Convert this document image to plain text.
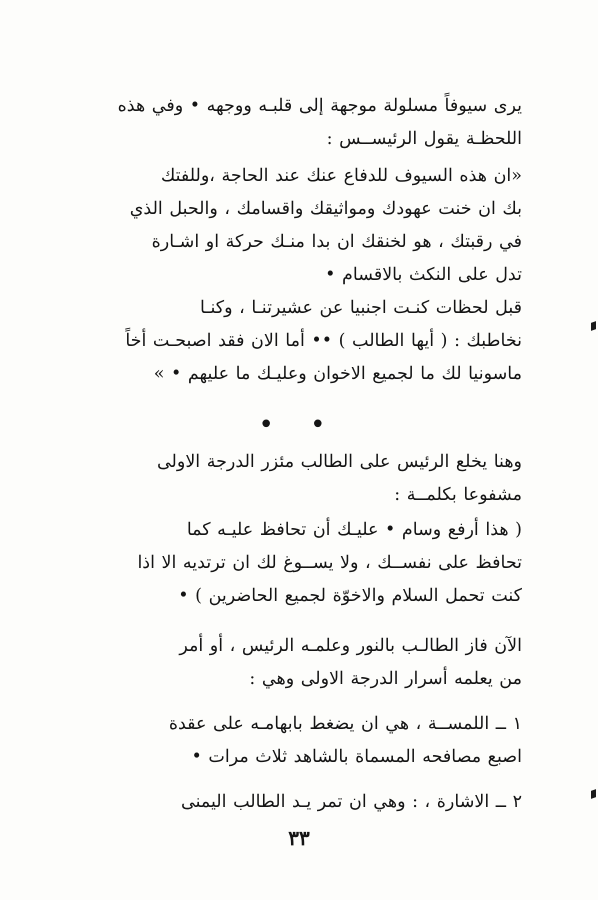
يرى سيوفاً مسلولة موجهة إلى قلبـه ووجهه • وفي هذه
اللحظـة يقول الرئيســس :
«ان هذه السيوف للدفاع عنك عند الحاجة ،وللفتك
بك ان خنت عهودك ومواثيقك واقسامك ، والحبل الذي
في رقبتك ، هو لخنقك ان بدا منـك حركة او اشـارة
تدل على النكث بالاقسام •
قبل لحظات كنـت اجنبيا عن عشيرتنـا ، وكنـا
نخاطبك : ( أيها الطالب ) •• أما الان فقد اصبحـت أخاً
ماسونيا لك ما لجميع الاخوان وعليـك ما عليهم • »
• •
وهنا يخلع الرئيس على الطالب مئزر الدرجة الاولى
مشفوعا بكلمــة :
( هذا أرفع وسام • عليـك أن تحافظ عليـه كما
تحافظ على نفســك ، ولا يســوغ لك ان ترتديه الا اذا
كنت تحمل السلام والاخوّة لجميع الحاضرين ) •
الآن فاز الطالـب بالنور وعلمـه الرئيس ، أو أمر
من يعلمه أسرار الدرجة الاولى وهي :
١ ــ اللمســة ، هي ان يضغط بابهامـه على عقدة
اصبع مصافحه المسماة بالشاهد ثلاث مرات •
٢ ــ الاشارة ، : وهي ان تمر يـد الطالب اليمنى
٣٣
